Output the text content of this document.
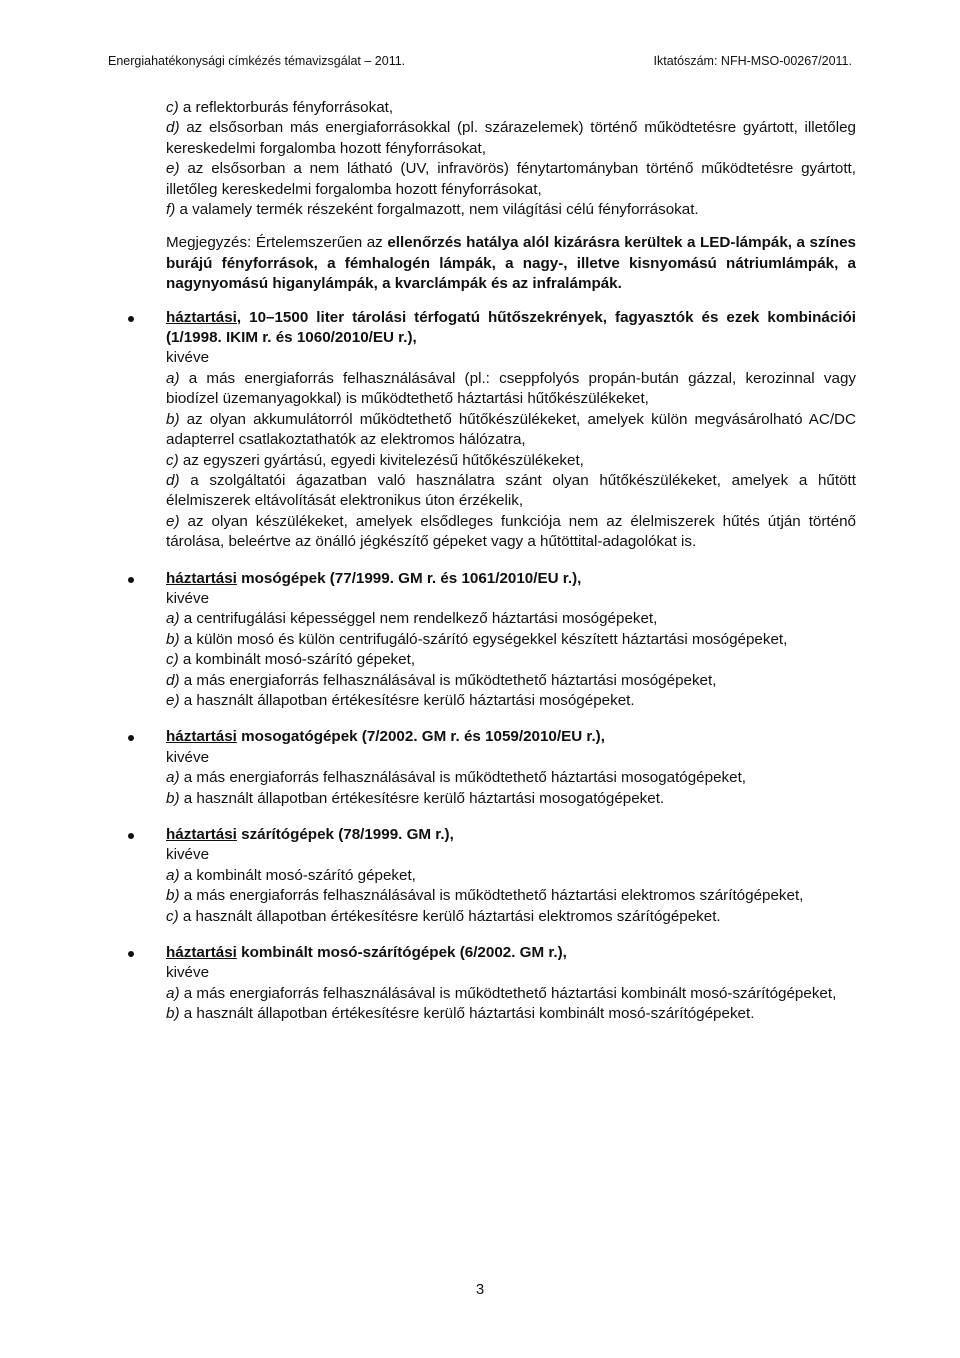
Energiahatékonysági címkézés témavizsgálat – 2011.	Iktatószám: NFH-MSO-00267/2011.

c) a reflektorburás fényforrásokat,

d) az elsősorban más energiaforrásokkal (pl. szárazelemek) történő működtetésre gyártott, illetőleg kereskedelmi forgalomba hozott fényforrásokat,

e) az elsősorban a nem látható (UV, infravörös) fénytartományban történő működtetésre gyártott, illetőleg kereskedelmi forgalomba hozott fényforrásokat,

f) a valamely termék részeként forgalmazott, nem világítási célú fényforrásokat.

Megjegyzés: Értelemszerűen az ellenőrzés hatálya alól kizárásra kerültek a LED-lámpák, a színes burájú fényforrások, a fémhalogén lámpák, a nagy-, illetve kisnyomású nátriumlámpák, a nagynyomású higanylámpák, a kvarclámpák és az infralámpák.

háztartási, 10–1500 liter tárolási térfogatú hűtőszekrények, fagyasztók és ezek kombinációi (1/1998. IKIM r. és 1060/2010/EU r.),

kivéve

a) a más energiaforrás felhasználásával (pl.: cseppfolyós propán-bután gázzal, kerozinnal vagy biodízel üzemanyagokkal) is működtethető háztartási hűtőkészülékeket,

b) az olyan akkumulátorról működtethető hűtőkészülékeket, amelyek külön megvásárolható AC/DC adapterrel csatlakoztathatók az elektromos hálózatra,

c) az egyszeri gyártású, egyedi kivitelezésű hűtőkészülékeket,

d) a szolgáltatói ágazatban való használatra szánt olyan hűtőkészülékeket, amelyek a hűtött élelmiszerek eltávolítását elektronikus úton érzékelik,

e) az olyan készülékeket, amelyek elsődleges funkciója nem az élelmiszerek hűtés útján történő tárolása, beleértve az önálló jégkészítő gépeket vagy a hűtöttital-adagolókat is.

háztartási mosógépek (77/1999. GM r. és 1061/2010/EU r.),

kivéve

a) a centrifugálási képességgel nem rendelkező háztartási mosógépeket,

b) a külön mosó és külön centrifugáló-szárító egységekkel készített háztartási mosógépeket,

c) a kombinált mosó-szárító gépeket,

d) a más energiaforrás felhasználásával is működtethető háztartási mosógépeket,

e) a használt állapotban értékesítésre kerülő háztartási mosógépeket.

háztartási mosogatógépek (7/2002. GM r. és 1059/2010/EU r.),

kivéve

a) a más energiaforrás felhasználásával is működtethető háztartási mosogatógépeket,

b) a használt állapotban értékesítésre kerülő háztartási mosogatógépeket.

háztartási szárítógépek (78/1999. GM r.),

kivéve

a) a kombinált mosó-szárító gépeket,

b) a más energiaforrás felhasználásával is működtethető háztartási elektromos szárítógépeket,

c) a használt állapotban értékesítésre kerülő háztartási elektromos szárítógépeket.

háztartási kombinált mosó-szárítógépek (6/2002. GM r.),

kivéve

a) a más energiaforrás felhasználásával is működtethető háztartási kombinált mosó-szárítógépeket,

b) a használt állapotban értékesítésre kerülő háztartási kombinált mosó-szárítógépeket.

3
